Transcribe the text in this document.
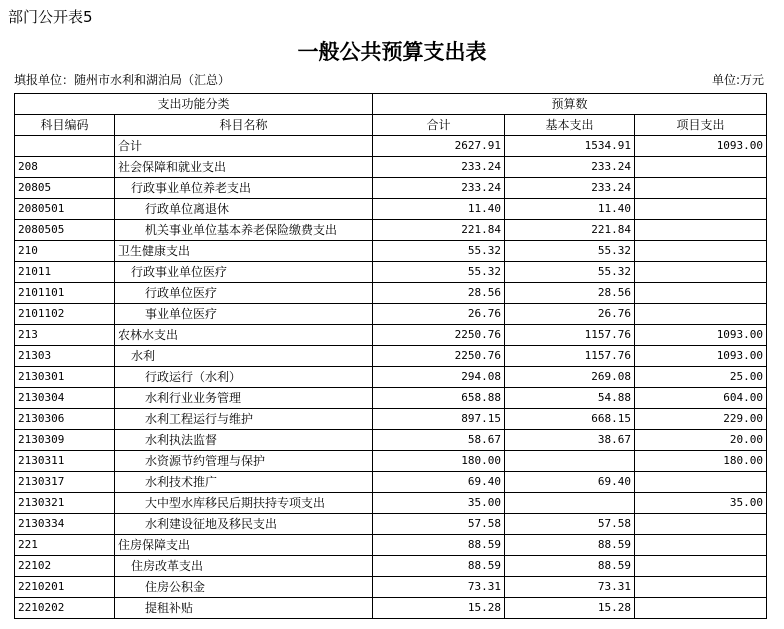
部门公开表5
一般公共预算支出表
填报单位：随州市水利和湖泊局（汇总）	单位:万元
支出功能分类		预算数		
科目编码	科目名称	合计	基本支出	项目支出
	合计	2627.91	1534.91	1093.00
208	社会保障和就业支出	233.24	233.24	
20805	行政事业单位养老支出	233.24	233.24	
2080501	行政单位离退休	11.40	11.40	
2080505	机关事业单位基本养老保险缴费支出	221.84	221.84	
210	卫生健康支出	55.32	55.32	
21011	行政事业单位医疗	55.32	55.32	
2101101	行政单位医疗	28.56	28.56	
2101102	事业单位医疗	26.76	26.76	
213	农林水支出	2250.76	1157.76	1093.00
21303	水利	2250.76	1157.76	1093.00
2130301	行政运行（水利）	294.08	269.08	25.00
2130304	水利行业业务管理	658.88	54.88	604.00
2130306	水利工程运行与维护	897.15	668.15	229.00
2130309	水利执法监督	58.67	38.67	20.00
2130311	水资源节约管理与保护	180.00		180.00
2130317	水利技术推广	69.40	69.40	
2130321	大中型水库移民后期扶持专项支出	35.00		35.00
2130334	水利建设征地及移民支出	57.58	57.58	
221	住房保障支出	88.59	88.59	
22102	住房改革支出	88.59	88.59	
2210201	住房公积金	73.31	73.31	
2210202	提租补贴	15.28	15.28	
